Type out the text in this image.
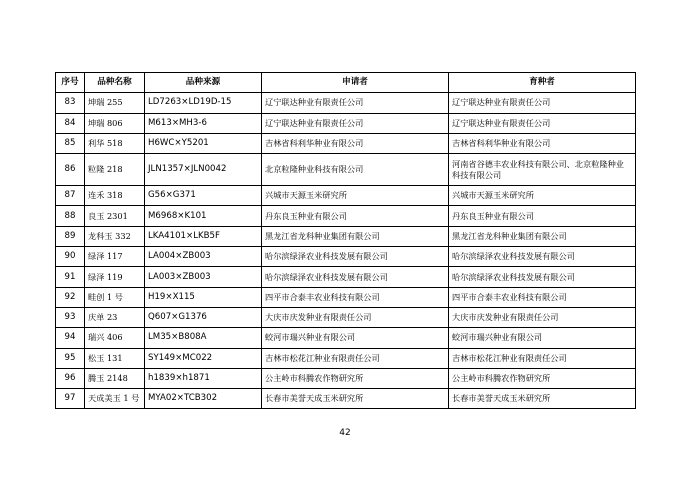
序号	品种名称	品种来源	申请者	育种者
83	坤瑞 255	LD7263×LD19D-15	辽宁联达种业有限责任公司	辽宁联达种业有限责任公司
84	坤瑞 806	M613×MH3-6	辽宁联达种业有限责任公司	辽宁联达种业有限责任公司
85	利华 518	H6WC×Y5201	吉林省科利华种业有限公司	吉林省科利华种业有限公司
86	粒隆 218	JLN1357×JLN0042	北京粒隆种业科技有限公司	河南省谷德丰农业科技有限公司、北京粒隆种业科技有限公司
87	连禾 318	G56×G371	兴城市天源玉米研究所	兴城市天源玉米研究所
88	良玉 2301	M6968×K101	丹东良玉种业有限公司	丹东良玉种业有限公司
89	龙科玉 332	LKA4101×LKB5F	黑龙江省龙科种业集团有限公司	黑龙江省龙科种业集团有限公司
90	绿泽 117	LA004×ZB003	哈尔滨绿泽农业科技发展有限公司	哈尔滨绿泽农业科技发展有限公司
91	绿泽 119	LA003×ZB003	哈尔滨绿泽农业科技发展有限公司	哈尔滨绿泽农业科技发展有限公司
92	畦创 1 号	H19×X115	四平市合泰丰农业科技有限公司	四平市合泰丰农业科技有限公司
93	庆单 23	Q607×G1376	大庆市庆发种业有限责任公司	大庆市庆发种业有限责任公司
94	瑞兴 406	LM35×B808A	蛟河市瑞兴种业有限公司	蛟河市瑞兴种业有限公司
95	松玉 131	SY149×MC022	吉林市松花江种业有限责任公司	吉林市松花江种业有限责任公司
96	腾玉 2148	h1839×h1871	公主岭市科腾农作物研究所	公主岭市科腾农作物研究所
97	天成美玉 1 号	MYA02×TCB302	长春市美誉天成玉米研究所	长春市美誉天成玉米研究所
42
